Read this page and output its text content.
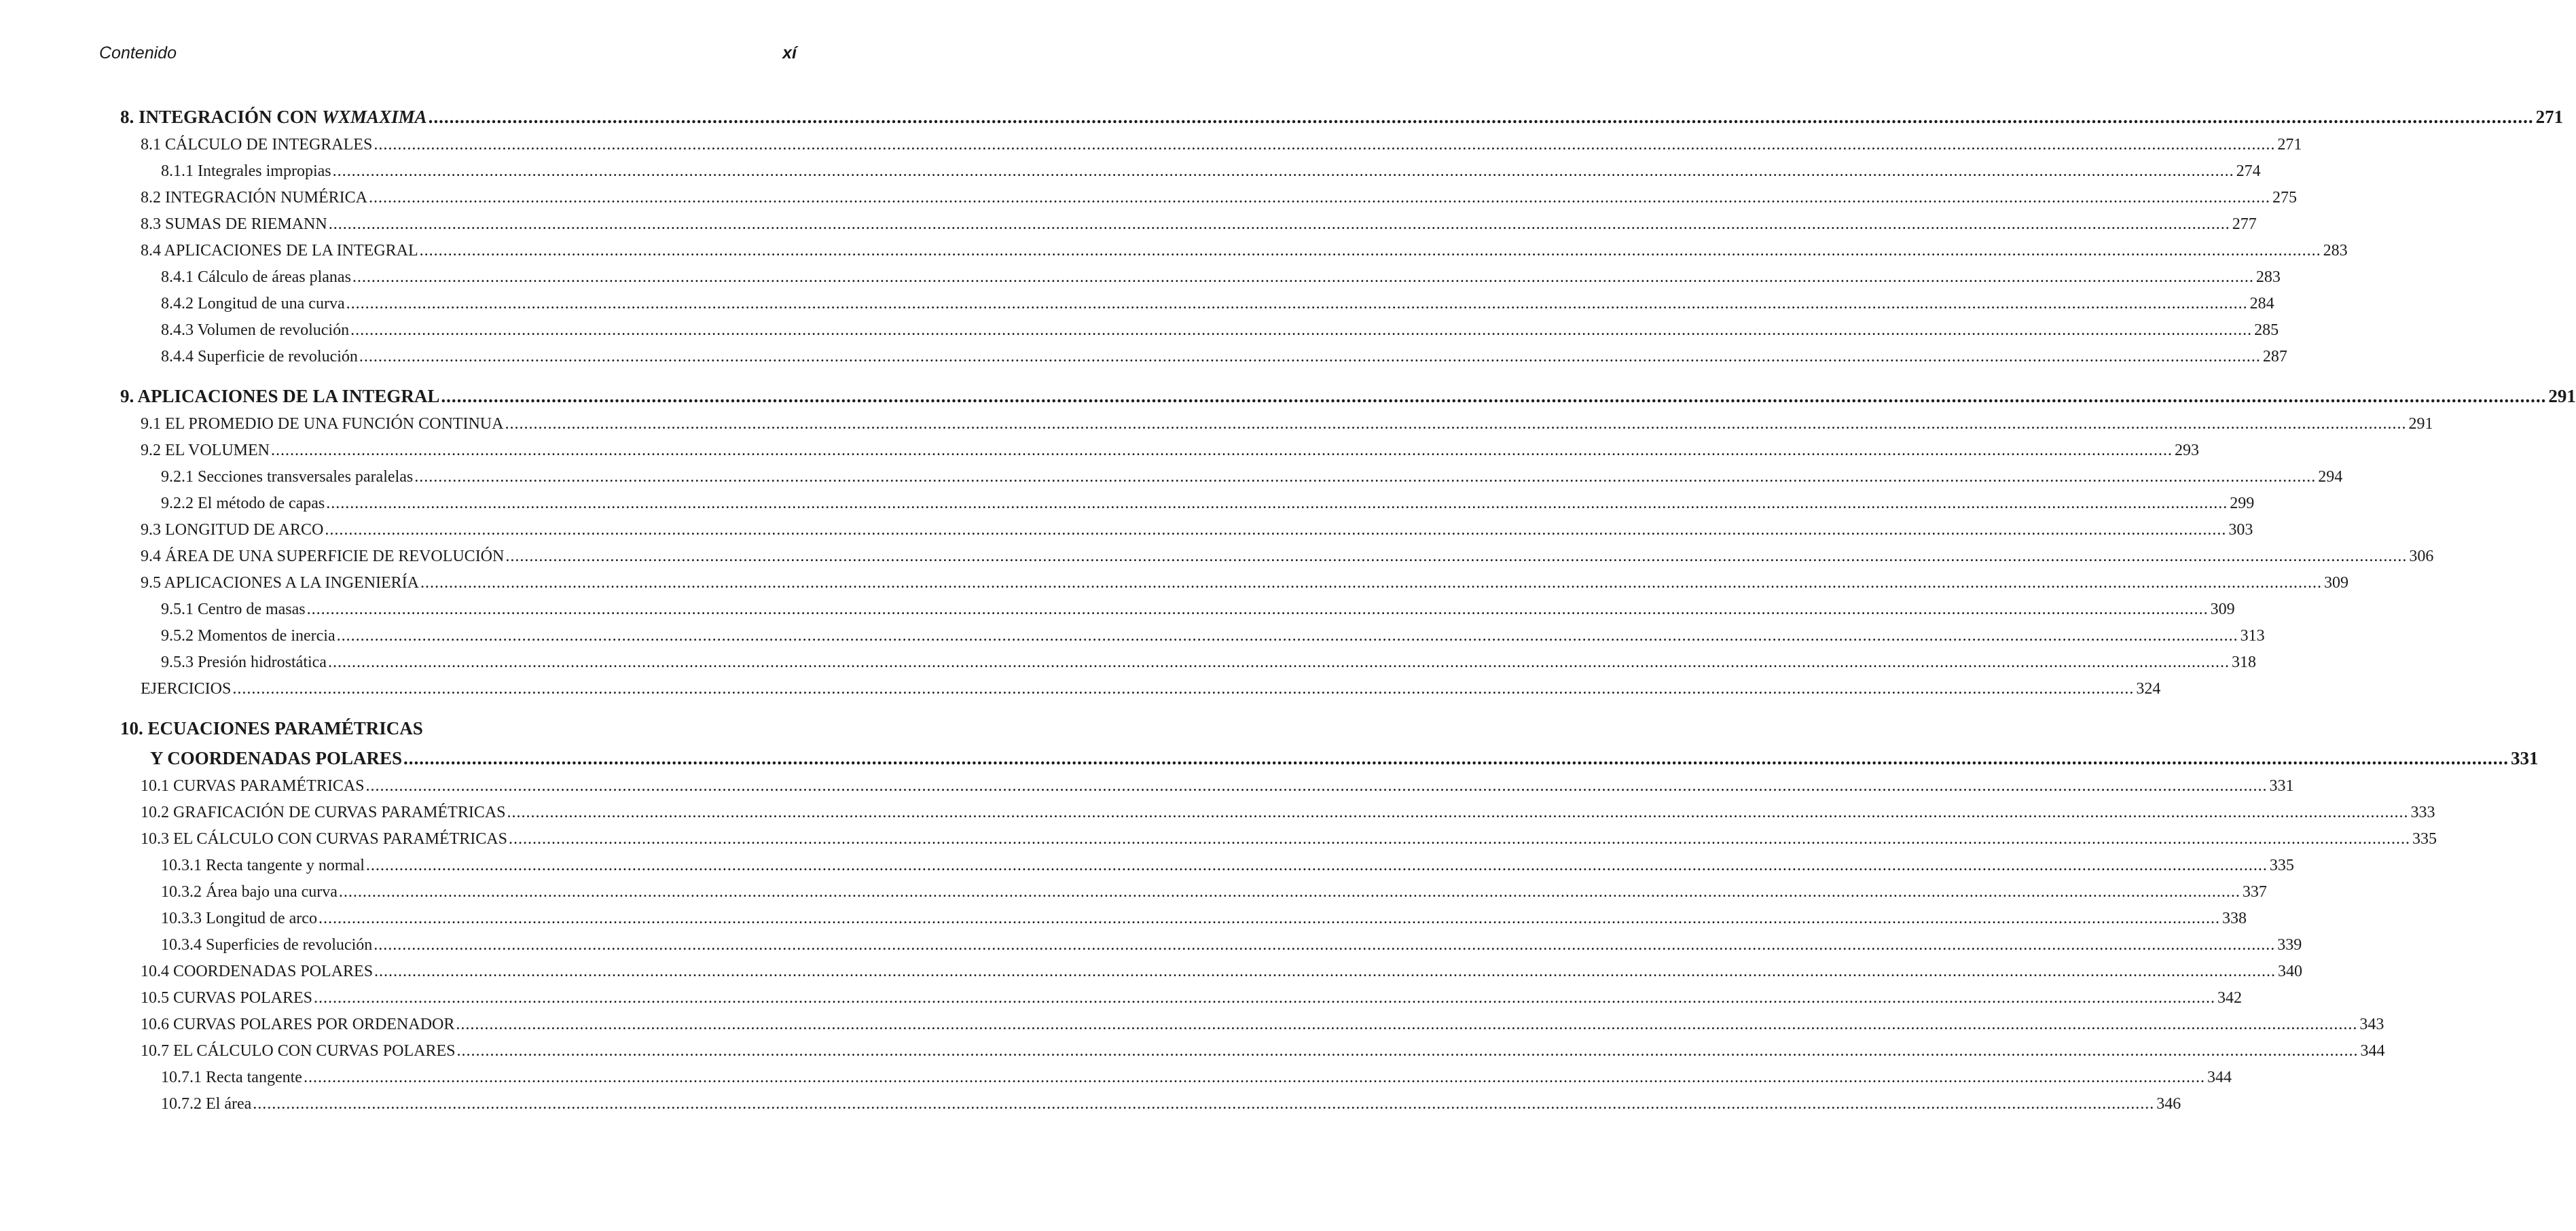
Contenido	xí
8. INTEGRACIÓN CON WXMAXIMA ................................................................................................................................................................................................................................................................................................................................................................................................................ 271
8.1 CÁLCULO DE INTEGRALES ................................................................................................................................................................................................................................................................................................................................................................................................................ 271
8.1.1 Integrales impropias ................................................................................................................................................................................................................................................................................................................................................................................................................ 274
8.2 INTEGRACIÓN NUMÉRICA ................................................................................................................................................................................................................................................................................................................................................................................................................ 275
8.3 SUMAS DE RIEMANN ................................................................................................................................................................................................................................................................................................................................................................................................................ 277
8.4 APLICACIONES DE LA INTEGRAL ................................................................................................................................................................................................................................................................................................................................................................................................................ 283
8.4.1 Cálculo de áreas planas ................................................................................................................................................................................................................................................................................................................................................................................................................ 283
8.4.2 Longitud de una curva ................................................................................................................................................................................................................................................................................................................................................................................................................ 284
8.4.3 Volumen de revolución ................................................................................................................................................................................................................................................................................................................................................................................................................ 285
8.4.4 Superficie de revolución ................................................................................................................................................................................................................................................................................................................................................................................................................ 287
9. APLICACIONES DE LA INTEGRAL ................................................................................................................................................................................................................................................................................................................................................................................................................ 291
9.1 EL PROMEDIO DE UNA FUNCIÓN CONTINUA ................................................................................................................................................................................................................................................................................................................................................................................................................ 291
9.2 EL VOLUMEN ................................................................................................................................................................................................................................................................................................................................................................................................................ 293
9.2.1 Secciones transversales paralelas ................................................................................................................................................................................................................................................................................................................................................................................................................ 294
9.2.2 El método de capas ................................................................................................................................................................................................................................................................................................................................................................................................................ 299
9.3 LONGITUD DE ARCO ................................................................................................................................................................................................................................................................................................................................................................................................................ 303
9.4 ÁREA DE UNA SUPERFICIE DE REVOLUCIÓN ................................................................................................................................................................................................................................................................................................................................................................................................................ 306
9.5 APLICACIONES A LA INGENIERÍA ................................................................................................................................................................................................................................................................................................................................................................................................................ 309
9.5.1 Centro de masas ................................................................................................................................................................................................................................................................................................................................................................................................................ 309
9.5.2 Momentos de inercia ................................................................................................................................................................................................................................................................................................................................................................................................................ 313
9.5.3 Presión hidrostática ................................................................................................................................................................................................................................................................................................................................................................................................................ 318
EJERCICIOS ................................................................................................................................................................................................................................................................................................................................................................................................................ 324
10. ECUACIONES PARAMÉTRICAS
Y COORDENADAS POLARES ................................................................................................................................................................................................................................................................................................................................................................................................................ 331
10.1 CURVAS PARAMÉTRICAS ................................................................................................................................................................................................................................................................................................................................................................................................................ 331
10.2 GRAFICACIÓN DE CURVAS PARAMÉTRICAS ................................................................................................................................................................................................................................................................................................................................................................................................................ 333
10.3 EL CÁLCULO CON CURVAS PARAMÉTRICAS ................................................................................................................................................................................................................................................................................................................................................................................................................ 335
10.3.1 Recta tangente y normal ................................................................................................................................................................................................................................................................................................................................................................................................................ 335
10.3.2 Área bajo una curva ................................................................................................................................................................................................................................................................................................................................................................................................................ 337
10.3.3 Longitud de arco ................................................................................................................................................................................................................................................................................................................................................................................................................ 338
10.3.4 Superficies de revolución ................................................................................................................................................................................................................................................................................................................................................................................................................ 339
10.4 COORDENADAS POLARES ................................................................................................................................................................................................................................................................................................................................................................................................................ 340
10.5 CURVAS POLARES ................................................................................................................................................................................................................................................................................................................................................................................................................ 342
10.6 CURVAS POLARES POR ORDENADOR ................................................................................................................................................................................................................................................................................................................................................................................................................ 343
10.7 EL CÁLCULO CON CURVAS POLARES ................................................................................................................................................................................................................................................................................................................................................................................................................ 344
10.7.1 Recta tangente ................................................................................................................................................................................................................................................................................................................................................................................................................ 344
10.7.2 El área ................................................................................................................................................................................................................................................................................................................................................................................................................ 346
